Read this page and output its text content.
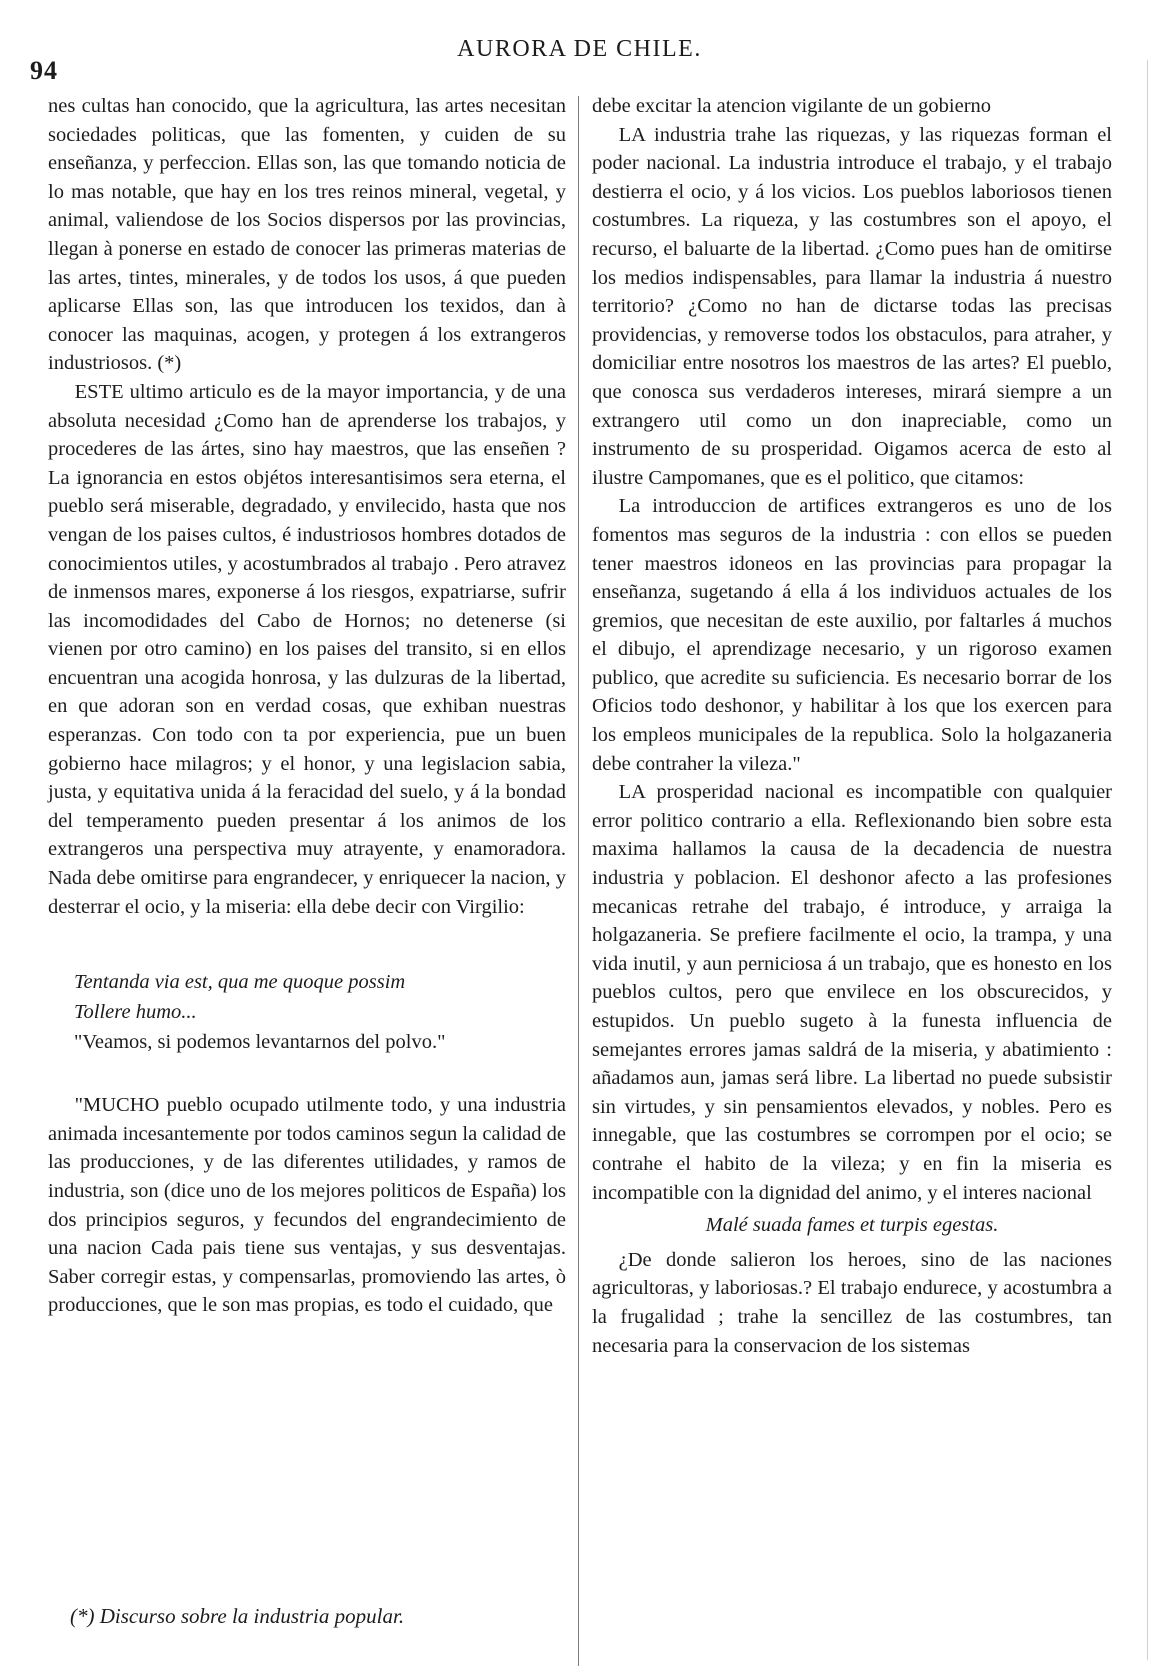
94
AURORA DE CHILE.

nes cultas han conocido, que la agricultura, las artes necesitan sociedades politicas, que las fomenten, y cuiden de su enseñanza, y perfeccion. Ellas son, las que tomando noticia de lo mas notable, que hay en los tres reinos mineral, vegetal, y animal, valiendose de los Socios dispersos por las provincias, llegan à ponerse en estado de conocer las primeras materias de las artes, tintes, minerales, y de todos los usos, á que pueden aplicarse Ellas son, las que introducen los texidos, dan à conocer las maquinas, acogen, y protegen á los extrangeros industriosos. (*)

ESTE ultimo articulo es de la mayor importancia, y de una absoluta necesidad ¿Como han de aprenderse los trabajos, y procederes de las ártes, sino hay maestros, que las enseñen ? La ignorancia en estos objétos interesantisimos sera eterna, el pueblo será miserable, degradado, y envilecido, hasta que nos vengan de los paises cultos, é industriosos hombres dotados de conocimientos utiles, y acostumbrados al trabajo . Pero atravez de inmensos mares, exponerse á los riesgos, expatriarse, sufrir las incomodidades del Cabo de Hornos; no detenerse (si vienen por otro camino) en los paises del transito, si en ellos encuentran una acogida honrosa, y las dulzuras de la libertad, en que adoran son en verdad cosas, que exhiban nuestras esperanzas. Con todo con ta por experiencia, pue un buen gobierno hace milagros; y el honor, y una legislacion sabia, justa, y equitativa unida á la feracidad del suelo, y á la bondad del temperamento pueden presentar á los animos de los extrangeros una perspectiva muy atrayente, y enamoradora. Nada debe omitirse para engrandecer, y enriquecer la nacion, y desterrar el ocio, y la miseria: ella debe decir con Virgilio:

Tentanda via est, qua me quoque possim
Tollere humo...
"Veamos, si podemos levantarnos del polvo."

"MUCHO pueblo ocupado utilmente todo, y una industria animada incesantemente por todos caminos segun la calidad de las producciones, y de las diferentes utilidades, y ramos de industria, son (dice uno de los mejores politicos de España) los dos principios seguros, y fecundos del engrandecimiento de una nacion Cada pais tiene sus ventajas, y sus desventajas. Saber corregir estas, y compensarlas, promoviendo las artes, ò producciones, que le son mas propias, es todo el cuidado, que

(*) Discurso sobre la industria popular.

debe excitar la atencion vigilante de un gobierno

LA industria trahe las riquezas, y las riquezas forman el poder nacional. La industria introduce el trabajo, y el trabajo destierra el ocio, y á los vicios. Los pueblos laboriosos tienen costumbres. La riqueza, y las costumbres son el apoyo, el recurso, el baluarte de la libertad. ¿Como pues han de omitirse los medios indispensables, para llamar la industria á nuestro territorio? ¿Como no han de dictarse todas las precisas providencias, y removerse todos los obstaculos, para atraher, y domiciliar entre nosotros los maestros de las artes? El pueblo, que conosca sus verdaderos intereses, mirará siempre a un extrangero util como un don inapreciable, como un instrumento de su prosperidad. Oigamos acerca de esto al ilustre Campomanes, que es el politico, que citamos:

La introduccion de artifices extrangeros es uno de los fomentos mas seguros de la industria : con ellos se pueden tener maestros idoneos en las provincias para propagar la enseñanza, sugetando á ella á los individuos actuales de los gremios, que necesitan de este auxilio, por faltarles á muchos el dibujo, el aprendizage necesario, y un rigoroso examen publico, que acredite su suficiencia. Es necesario borrar de los Oficios todo deshonor, y habilitar à los que los exercen para los empleos municipales de la republica. Solo la holgazaneria debe contraher la vileza."

LA prosperidad nacional es incompatible con qualquier error politico contrario a ella. Reflexionando bien sobre esta maxima hallamos la causa de la decadencia de nuestra industria y poblacion. El deshonor afecto a las profesiones mecanicas retrahe del trabajo, é introduce, y arraiga la holgazaneria. Se prefiere facilmente el ocio, la trampa, y una vida inutil, y aun perniciosa á un trabajo, que es honesto en los pueblos cultos, pero que envilece en los obscurecidos, y estupidos. Un pueblo sugeto à la funesta influencia de semejantes errores jamas saldrá de la miseria, y abatimiento : añadamos aun, jamas será libre. La libertad no puede subsistir sin virtudes, y sin pensamientos elevados, y nobles. Pero es innegable, que las costumbres se corrompen por el ocio; se contrahe el habito de la vileza; y en fin la miseria es incompatible con la dignidad del animo, y el interes nacional

Malé suada fames et turpis egestas.

¿De donde salieron los heroes, sino de las naciones agricultoras, y laboriosas.? El trabajo endurece, y acostumbra a la frugalidad ; trahe la sencillez de las costumbres, tan necesaria para la conservacion de los sistemas
